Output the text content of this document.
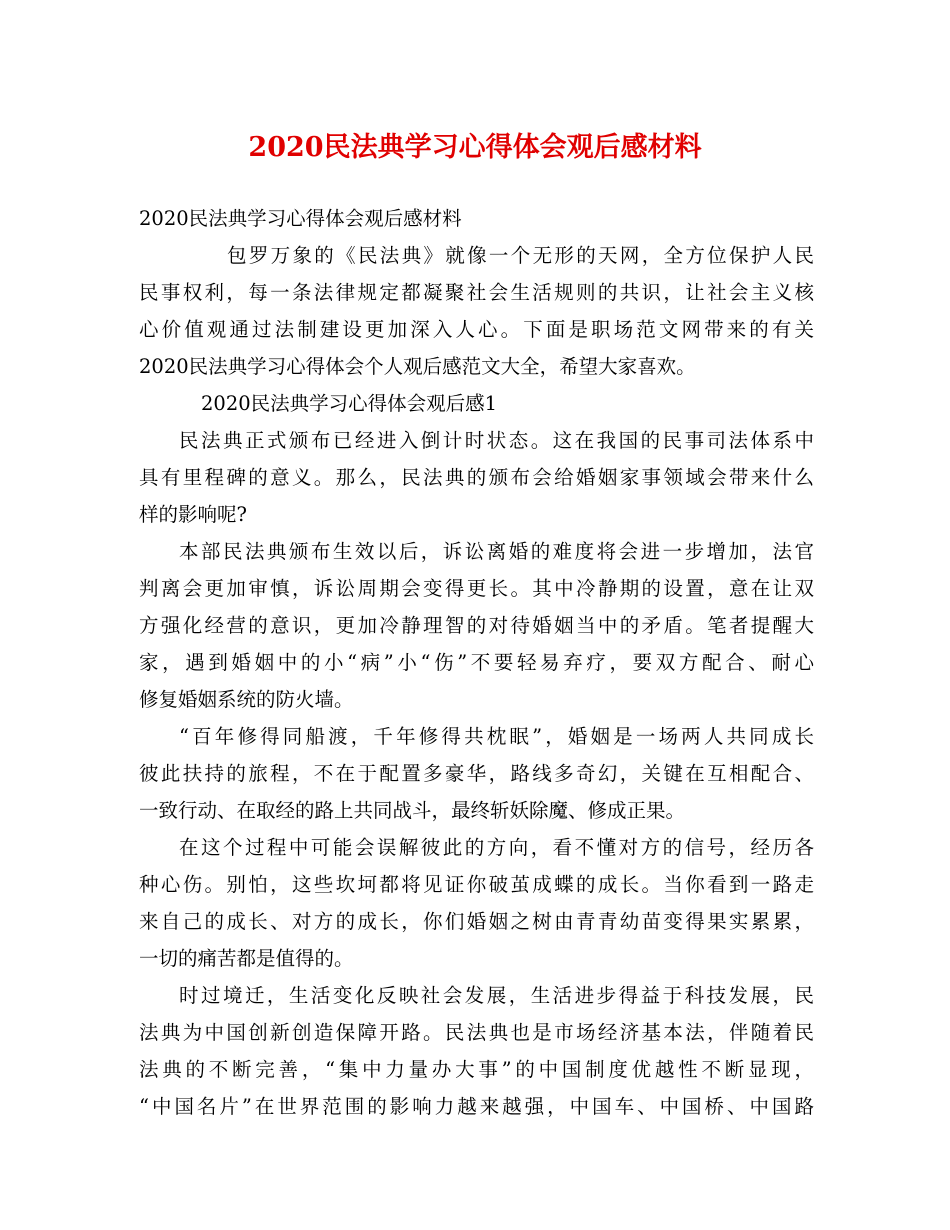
2020民法典学习心得体会观后感材料
2020民法典学习心得体会观后感材料
包罗万象的《民法典》就像一个无形的天网，全方位保护人民
民事权利，每一条法律规定都凝聚社会生活规则的共识，让社会主义核
心价值观通过法制建设更加深入人心。下面是职场范文网带来的有关
2020民法典学习心得体会个人观后感范文大全，希望大家喜欢。
2020民法典学习心得体会观后感1
民法典正式颁布已经进入倒计时状态。这在我国的民事司法体系中
具有里程碑的意义。那么，民法典的颁布会给婚姻家事领域会带来什么
样的影响呢?
本部民法典颁布生效以后，诉讼离婚的难度将会进一步增加，法官
判离会更加审慎，诉讼周期会变得更长。其中冷静期的设置，意在让双
方强化经营的意识，更加冷静理智的对待婚姻当中的矛盾。笔者提醒大
家，遇到婚姻中的小“病”小“伤”不要轻易弃疗，要双方配合、耐心
修复婚姻系统的防火墙。
“百年修得同船渡，千年修得共枕眠”，婚姻是一场两人共同成长
彼此扶持的旅程，不在于配置多豪华，路线多奇幻，关键在互相配合、
一致行动、在取经的路上共同战斗，最终斩妖除魔、修成正果。
在这个过程中可能会误解彼此的方向，看不懂对方的信号，经历各
种心伤。别怕，这些坎坷都将见证你破茧成蝶的成长。当你看到一路走
来自己的成长、对方的成长，你们婚姻之树由青青幼苗变得果实累累，
一切的痛苦都是值得的。
时过境迁，生活变化反映社会发展，生活进步得益于科技发展，民
法典为中国创新创造保障开路。民法典也是市场经济基本法，伴随着民
法典的不断完善，“集中力量办大事”的中国制度优越性不断显现，
“中国名片”在世界范围的影响力越来越强，中国车、中国桥、中国路
